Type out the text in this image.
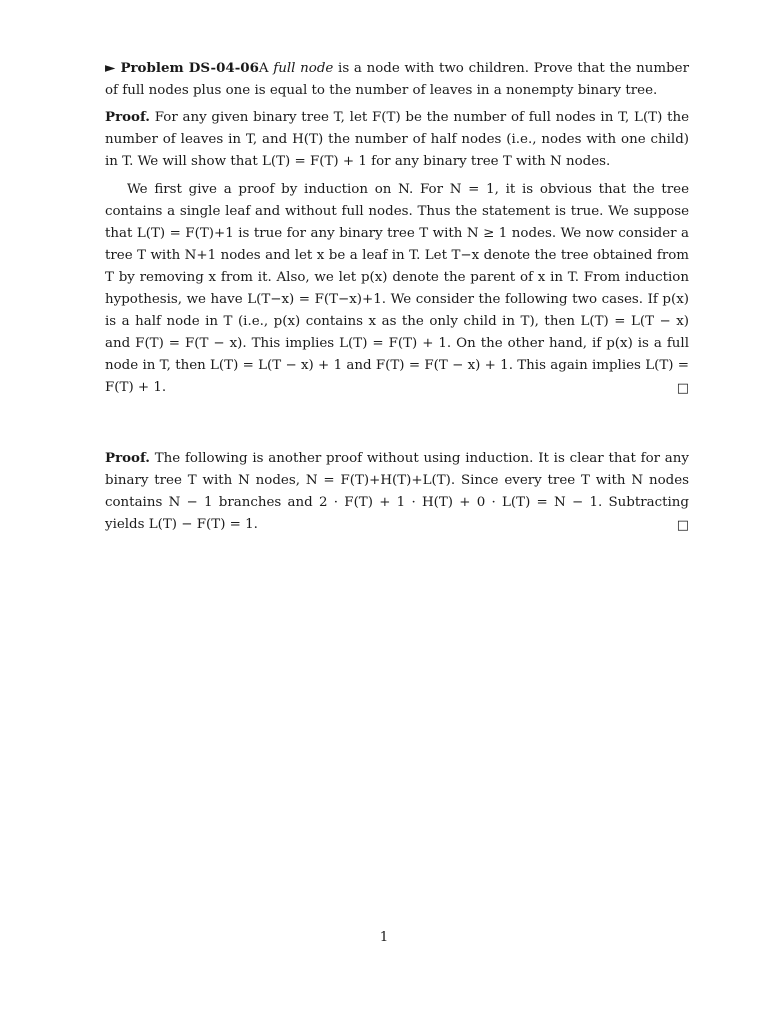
► Problem DS-04-06A full node is a node with two children. Prove that the number of full nodes plus one is equal to the number of leaves in a nonempty binary tree.

Proof. For any given binary tree T, let F(T) be the number of full nodes in T, L(T) the number of leaves in T, and H(T) the number of half nodes (i.e., nodes with one child) in T. We will show that L(T) = F(T) + 1 for any binary tree T with N nodes.

We first give a proof by induction on N. For N = 1, it is obvious that the tree contains a single leaf and without full nodes. Thus the statement is true. We suppose that L(T) = F(T)+1 is true for any binary tree T with N ≥ 1 nodes. We now consider a tree T with N+1 nodes and let x be a leaf in T. Let T−x denote the tree obtained from T by removing x from it. Also, we let p(x) denote the parent of x in T. From induction hypothesis, we have L(T−x) = F(T−x)+1. We consider the following two cases. If p(x) is a half node in T (i.e., p(x) contains x as the only child in T), then L(T) = L(T − x) and F(T) = F(T − x). This implies L(T) = F(T) + 1. On the other hand, if p(x) is a full node in T, then L(T) = L(T − x) + 1 and F(T) = F(T − x) + 1. This again implies L(T) = F(T) + 1.	□

Proof. The following is another proof without using induction. It is clear that for any binary tree T with N nodes, N = F(T)+H(T)+L(T). Since every tree T with N nodes contains N − 1 branches and 2 · F(T) + 1 · H(T) + 0 · L(T) = N − 1. Subtracting yields L(T) − F(T) = 1.	□

1
